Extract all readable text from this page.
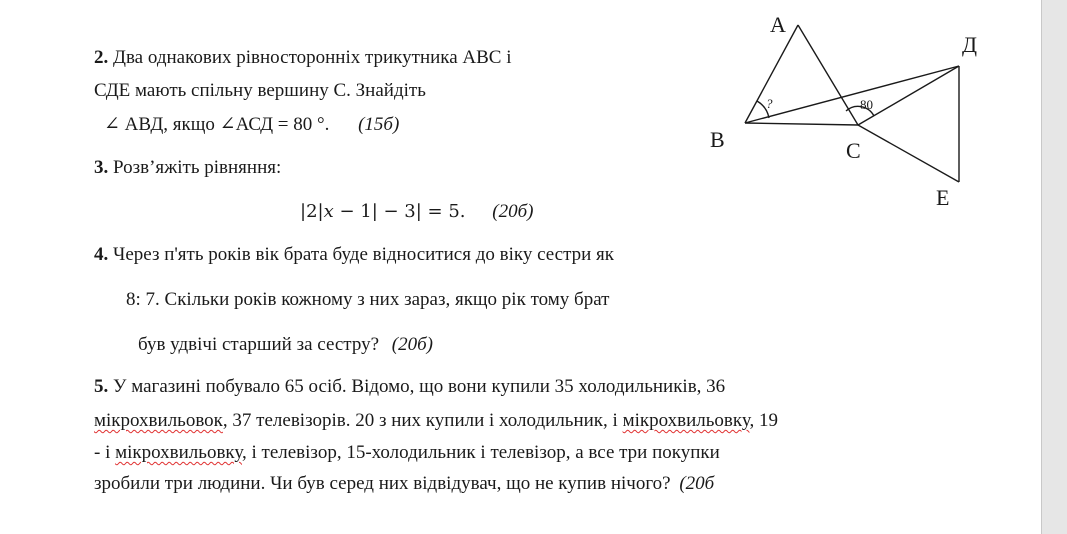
2. Два однакових рівносторонніх трикутника АВС і
СДЕ мають спільну вершину С. Знайдіть
∠ АВД, якщо ∠АСД = 80 °. (15б)
А
В	С
Д
Е
?	80
3. Розв’яжіть рівняння:
|2|𝑥 − 1| − 3| = 5. (20б)
4. Через п'ять років вік брата буде відноситися до віку сестри як
8: 7. Скільки років кожному з них зараз, якщо рік тому брат
був удвічі старший за сестру? (20б)
5. У магазині побувало 65 осіб. Відомо, що вони купили 35 холодильників, 36
мікрохвильовок, 37 телевізорів. 20 з них купили і холодильник, і мікрохвильовку, 19
- і мікрохвильовку, і телевізор, 15-холодильник і телевізор, а все три покупки
зробили три людини. Чи був серед них відвідувач, що не купив нічого? (20б
